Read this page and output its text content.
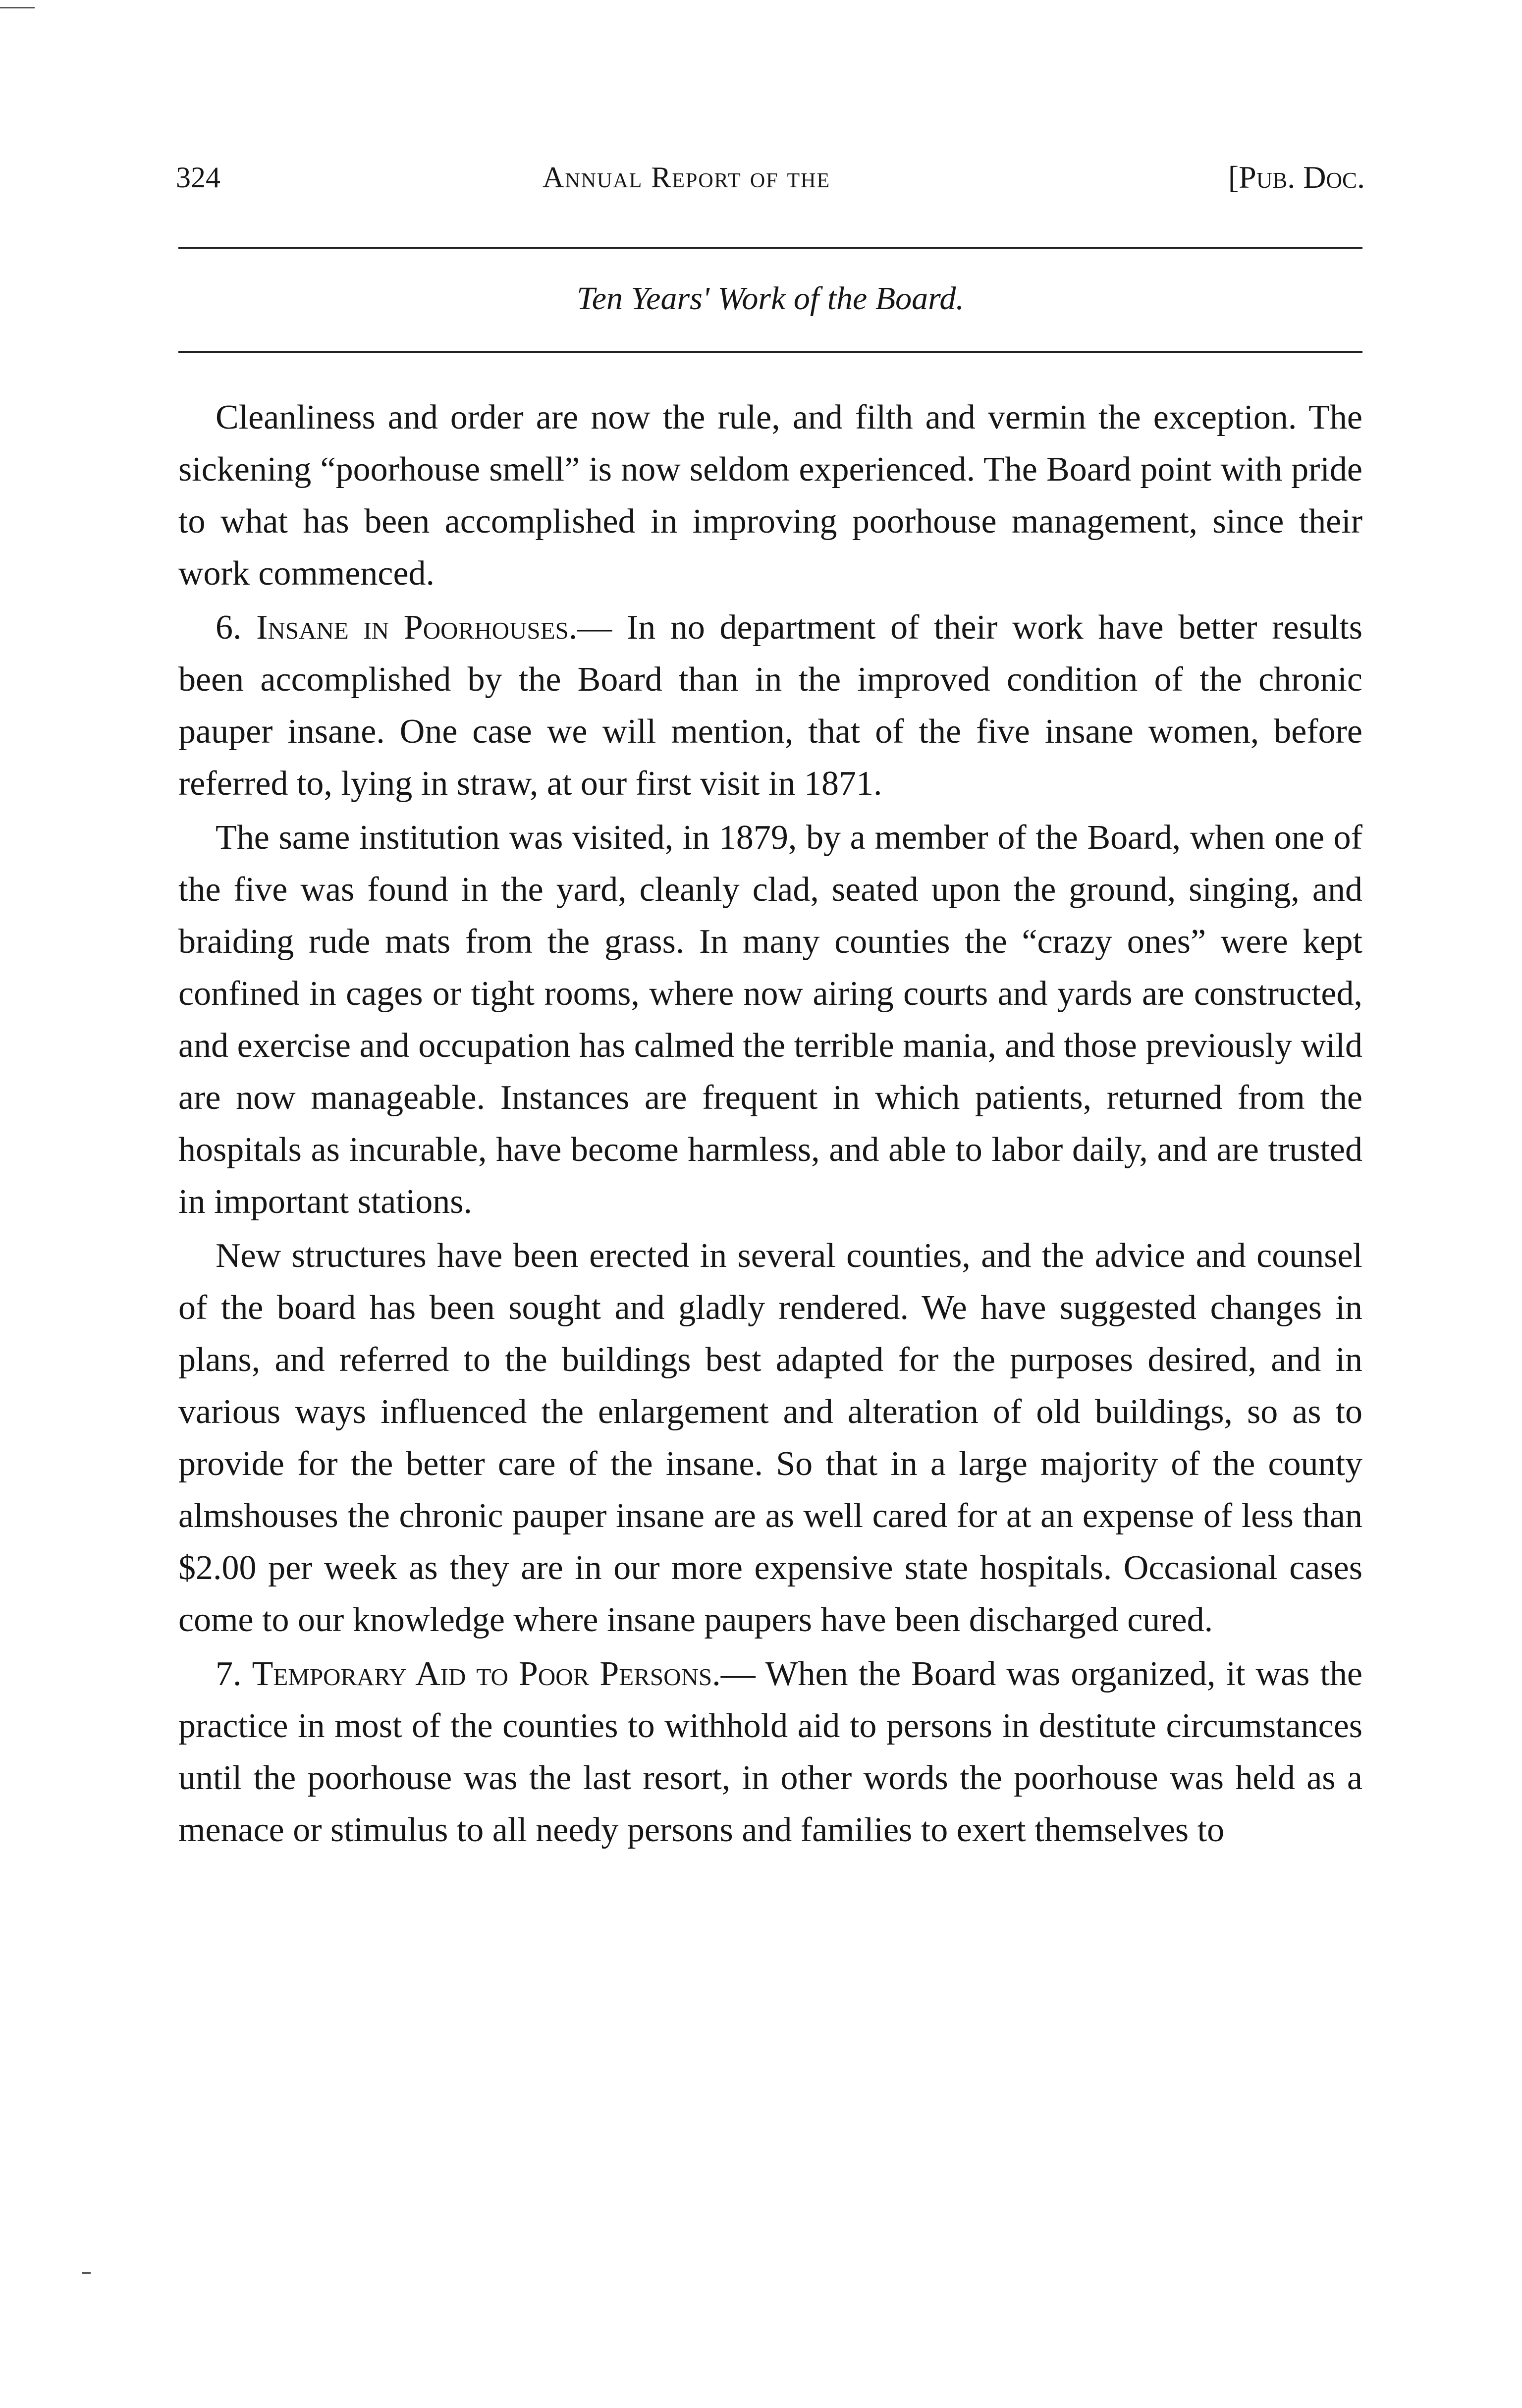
324	Annual Report of the	[Pub. Doc.
Ten Years' Work of the Board.

Cleanliness and order are now the rule, and filth and vermin the exception. The sickening “poorhouse smell” is now seldom experienced. The Board point with pride to what has been accomplished in improving poorhouse management, since their work commenced.

6. Insane in Poorhouses.— In no department of their work have better results been accomplished by the Board than in the improved condition of the chronic pauper insane. One case we will mention, that of the five insane women, before referred to, lying in straw, at our first visit in 1871.

The same institution was visited, in 1879, by a member of the Board, when one of the five was found in the yard, cleanly clad, seated upon the ground, singing, and braiding rude mats from the grass. In many counties the “crazy ones” were kept confined in cages or tight rooms, where now airing courts and yards are constructed, and exercise and occupation has calmed the terrible mania, and those previously wild are now manageable. Instances are frequent in which patients, returned from the hospitals as incurable, have become harmless, and able to labor daily, and are trusted in important stations.

New structures have been erected in several counties, and the advice and counsel of the board has been sought and gladly rendered. We have suggested changes in plans, and referred to the buildings best adapted for the purposes desired, and in various ways influenced the enlargement and alteration of old buildings, so as to provide for the better care of the insane. So that in a large majority of the county almshouses the chronic pauper insane are as well cared for at an expense of less than $2.00 per week as they are in our more expensive state hospitals. Occasional cases come to our knowledge where insane paupers have been discharged cured.

7. Temporary Aid to Poor Persons.— When the Board was organized, it was the practice in most of the counties to withhold aid to persons in destitute circumstances until the poorhouse was the last resort, in other words the poorhouse was held as a menace or stimulus to all needy persons and families to exert themselves to
